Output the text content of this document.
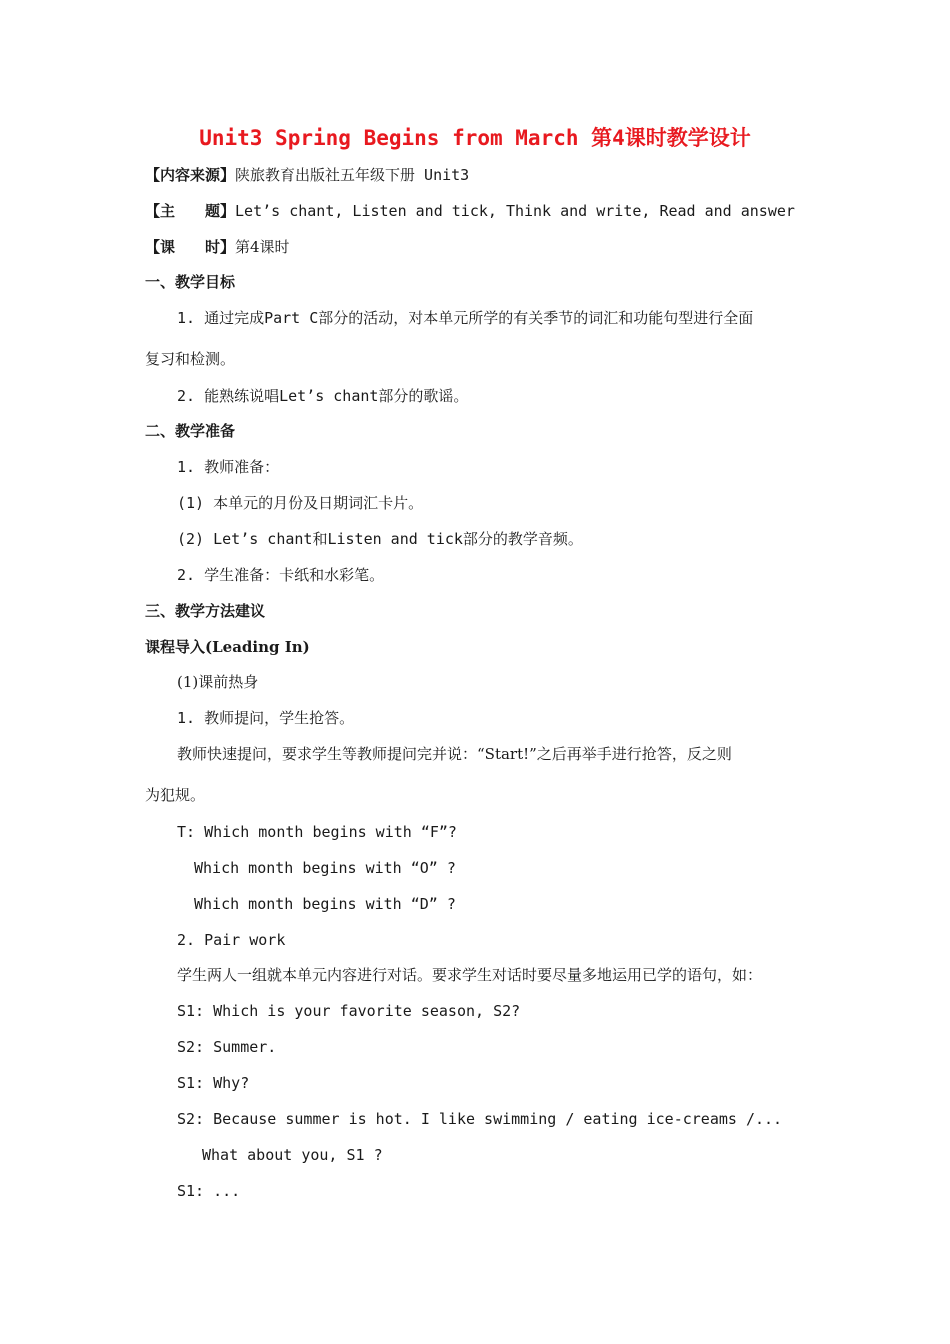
Unit3 Spring Begins from March 第4课时教学设计
【内容来源】陕旅教育出版社五年级下册 Unit3
【主　　题】Let’s chant, Listen and tick, Think and write, Read and answer
【课　　时】第4课时
一、教学目标
1. 通过完成Part C部分的活动，对本单元所学的有关季节的词汇和功能句型进行全面
复习和检测。
2. 能熟练说唱Let’s chant部分的歌谣。
二、教学准备
1. 教师准备：
(1) 本单元的月份及日期词汇卡片。
(2) Let’s chant和Listen and tick部分的教学音频。
2. 学生准备：卡纸和水彩笔。
三、教学方法建议
课程导入(Leading In)
(1)课前热身
1. 教师提问，学生抢答。
教师快速提问，要求学生等教师提问完并说：“Start!”之后再举手进行抢答，反之则
为犯规。
T: Which month begins with “F”?
Which month begins with “O” ?
Which month begins with “D” ?
2. Pair work
学生两人一组就本单元内容进行对话。要求学生对话时要尽量多地运用已学的语句，如：
S1: Which is your favorite season, S2?
S2: Summer.
S1: Why?
S2: Because summer is hot. I like swimming / eating ice-creams /...
What about you, S1 ?
S1: ...
